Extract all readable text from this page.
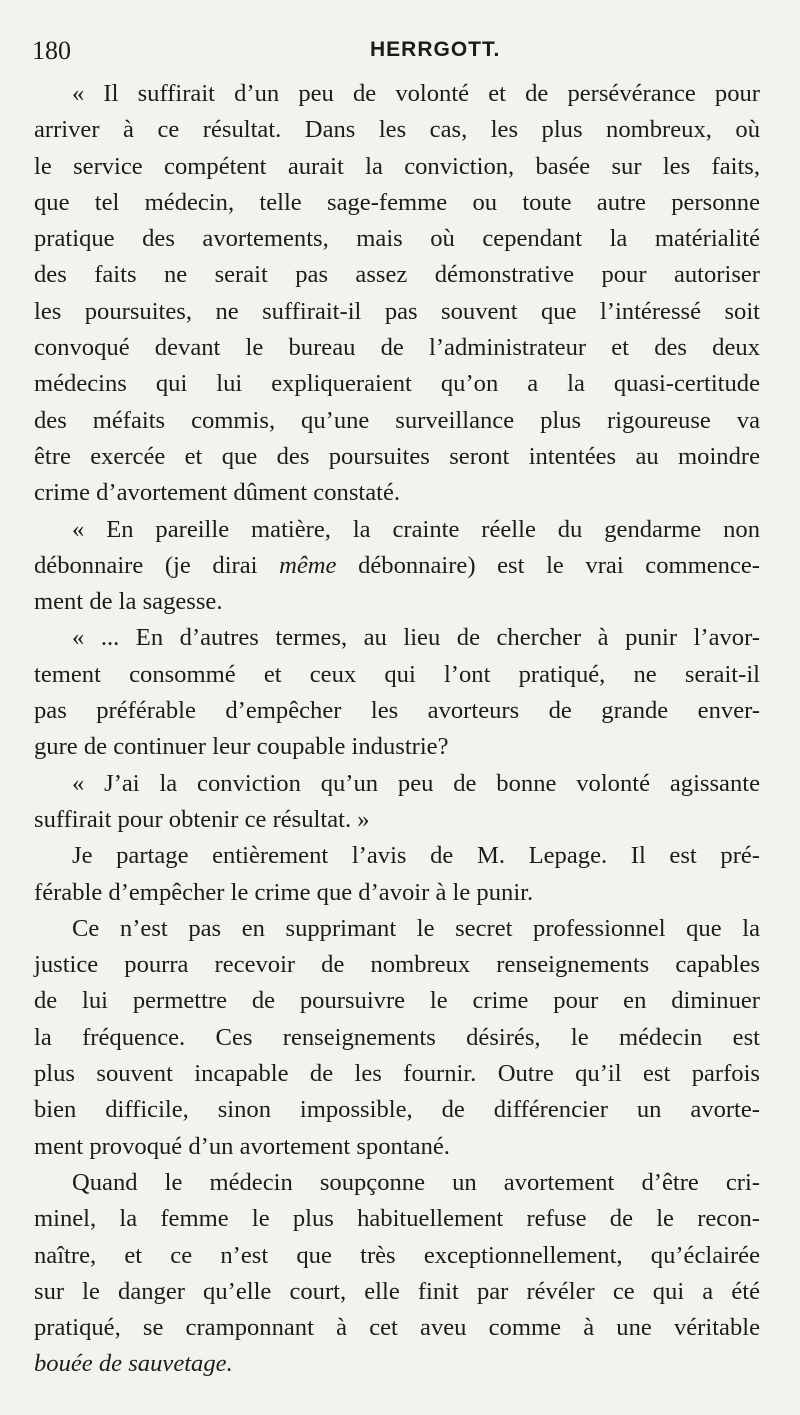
180	HERRGOTT.

« Il suffirait d’un peu de volonté et de persévérance pour
arriver à ce résultat. Dans les cas, les plus nombreux, où
le service compétent aurait la conviction, basée sur les faits,
que tel médecin, telle sage-femme ou toute autre personne
pratique des avortements, mais où cependant la matérialité
des faits ne serait pas assez démonstrative pour autoriser
les poursuites, ne suffirait-il pas souvent que l’intéressé soit
convoqué devant le bureau de l’administrateur et des deux
médecins qui lui expliqueraient qu’on a la quasi-certitude
des méfaits commis, qu’une surveillance plus rigoureuse va
être exercée et que des poursuites seront intentées au moindre
crime d’avortement dûment constaté.

« En pareille matière, la crainte réelle du gendarme non
débonnaire (je dirai même débonnaire) est le vrai commence-
ment de la sagesse.

« ... En d’autres termes, au lieu de chercher à punir l’avor-
tement consommé et ceux qui l’ont pratiqué, ne serait-il
pas préférable d’empêcher les avorteurs de grande enver-
gure de continuer leur coupable industrie?

« J’ai la conviction qu’un peu de bonne volonté agissante
suffirait pour obtenir ce résultat. »

Je partage entièrement l’avis de M. Lepage. Il est pré-
férable d’empêcher le crime que d’avoir à le punir.

Ce n’est pas en supprimant le secret professionnel que la
justice pourra recevoir de nombreux renseignements capables
de lui permettre de poursuivre le crime pour en diminuer
la fréquence. Ces renseignements désirés, le médecin est
plus souvent incapable de les fournir. Outre qu’il est parfois
bien difficile, sinon impossible, de différencier un avorte-
ment provoqué d’un avortement spontané.

Quand le médecin soupçonne un avortement d’être cri-
minel, la femme le plus habituellement refuse de le recon-
naître, et ce n’est que très exceptionnellement, qu’éclairée
sur le danger qu’elle court, elle finit par révéler ce qui a été
pratiqué, se cramponnant à cet aveu comme à une véritable
bouée de sauvetage.
